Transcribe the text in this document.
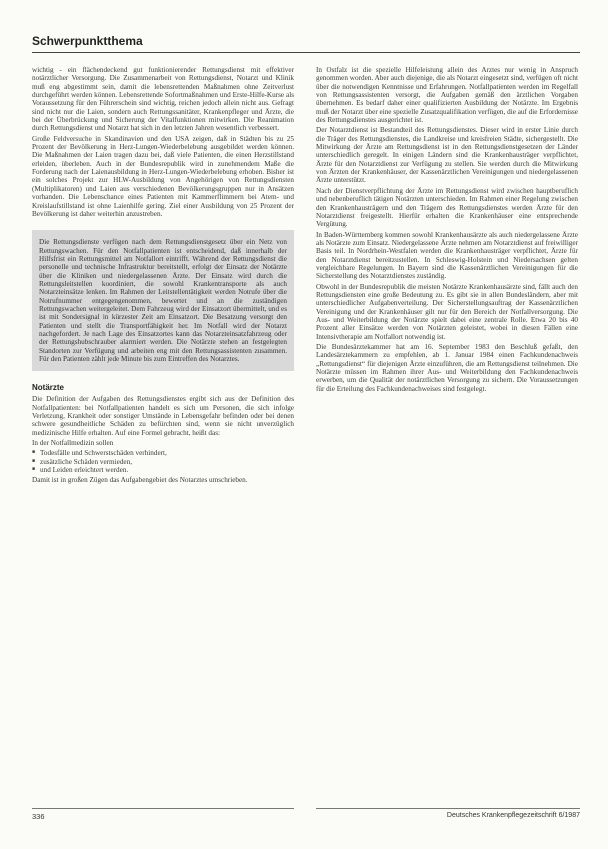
Schwerpunktthema

wichtig - ein flächendeckend gut funktionierender Rettungsdienst mit effektiver notärztlicher Versorgung. Die Zusammenarbeit von Rettungsdienst, Notarzt und Klinik muß eng abgestimmt sein, damit die lebensrettenden Maßnahmen ohne Zeitverlust durchgeführt werden können. Lebensrettende Sofortmaßnahmen und Erste-Hilfe-Kurse als Voraussetzung für den Führerschein sind wichtig, reichen jedoch allein nicht aus. Gefragt sind nicht nur die Laien, sondern auch Rettungssanitäter, Krankenpfleger und Ärzte, die bei der Überbrückung und Sicherung der Vitalfunktionen mitwirken. Die Reanimation durch Rettungsdienst und Notarzt hat sich in den letzten Jahren wesentlich verbessert.

Große Feldversuche in Skandinavien und den USA zeigen, daß in Städten bis zu 25 Prozent der Bevölkerung in Herz-Lungen-Wiederbelebung ausgebildet werden können. Die Maßnahmen der Laien tragen dazu bei, daß viele Patienten, die einen Herzstillstand erleiden, überleben. Auch in der Bundesrepublik wird in zunehmendem Maße die Forderung nach der Laienausbildung in Herz-Lungen-Wiederbelebung erhoben. Bisher ist ein solches Projekt zur HLW-Ausbildung von Angehörigen von Rettungsdiensten (Multiplikatoren) und Laien aus verschiedenen Bevölkerungsgruppen nur in Ansätzen vorhanden. Die Lebenschance eines Patienten mit Kammerflimmern bei Atem- und Kreislaufstillstand ist ohne Laienhilfe gering. Ziel einer Ausbildung von 25 Prozent der Bevölkerung ist daher weiterhin anzustreben.

Die Rettungsdienste verfügen nach dem Rettungsdienstgesetz über ein Netz von Rettungswachen. Für den Notfallpatienten ist entscheidend, daß innerhalb der Hilfsfrist ein Rettungsmittel am Notfallort eintrifft. Während der Rettungsdienst die personelle und technische Infrastruktur bereitstellt, erfolgt der Einsatz der Notärzte über die Kliniken und niedergelassenen Ärzte. Der Einsatz wird durch die Rettungsleitstellen koordiniert, die sowohl Krankentransporte als auch Notarzteinsätze lenken. Im Rahmen der Leitstellentätigkeit werden Notrufe über die Notrufnummer entgegengenommen, bewertet und an die zuständigen Rettungswachen weitergeleitet. Dem Fahrzeug wird der Einsatzort übermittelt, und es ist mit Sondersignal in kürzester Zeit am Einsatzort. Die Besatzung versorgt den Patienten und stellt die Transportfähigkeit her. Im Notfall wird der Notarzt nachgefordert. Je nach Lage des Einsatzortes kann das Notarzteinsatzfahrzeug oder der Rettungshubschrauber alarmiert werden. Die Notärzte stehen an festgelegten Standorten zur Verfügung und arbeiten eng mit den Rettungsassistenten zusammen. Für den Patienten zählt jede Minute bis zum Eintreffen des Notarztes.

Notärzte

Die Definition der Aufgaben des Rettungsdienstes ergibt sich aus der Definition des Notfallpatienten: bei Notfallpatienten handelt es sich um Personen, die sich infolge Verletzung, Krankheit oder sonstiger Umstände in Lebensgefahr befinden oder bei denen schwere gesundheitliche Schäden zu befürchten sind, wenn sie nicht unverzüglich medizinische Hilfe erhalten. Auf eine Formel gebracht, heißt das:

In der Notfallmedizin sollen

■ Todesfälle und Schwerstschäden verhindert,
■ zusätzliche Schäden vermieden,
■ und Leiden erleichtert werden.

Damit ist in großen Zügen das Aufgabengebiet des Notarztes umschrieben.

In Ostfalz ist die spezielle Hilfeleistung allein des Arztes nur wenig in Anspruch genommen worden. Aber auch diejenige, die als Notarzt eingesetzt sind, verfügen oft nicht über die notwendigen Kenntnisse und Erfahrungen. Notfallpatienten werden im Regelfall von Rettungsassistenten versorgt, die Aufgaben gemäß den ärztlichen Vorgaben übernehmen. Es bedarf daher einer qualifizierten Ausbildung der Notärzte. Im Ergebnis muß der Notarzt über eine spezielle Zusatzqualifikation verfügen, die auf die Erfordernisse des Rettungsdienstes ausgerichtet ist.

Der Notarztdienst ist Bestandteil des Rettungsdienstes. Dieser wird in erster Linie durch die Träger des Rettungsdienstes, die Landkreise und kreisfreien Städte, sichergestellt. Die Mitwirkung der Ärzte am Rettungsdienst ist in den Rettungsdienstgesetzen der Länder unterschiedlich geregelt. In einigen Ländern sind die Krankenhausträger verpflichtet, Ärzte für den Notarztdienst zur Verfügung zu stellen. Sie werden durch die Mitwirkung von Ärzten der Krankenhäuser, der Kassenärztlichen Vereinigungen und niedergelassenen Ärzte unterstützt.

Nach der Dienstverpflichtung der Ärzte im Rettungsdienst wird zwischen hauptberuflich und nebenberuflich tätigen Notärzten unterschieden. Im Rahmen einer Regelung zwischen den Krankenhausträgern und den Trägern des Rettungsdienstes werden Ärzte für den Notarztdienst freigestellt. Hierfür erhalten die Krankenhäuser eine entsprechende Vergütung.

In Baden-Württemberg kommen sowohl Krankenhausärzte als auch niedergelassene Ärzte als Notärzte zum Einsatz. Niedergelassene Ärzte nehmen am Notarztdienst auf freiwilliger Basis teil. In Nordrhein-Westfalen werden die Krankenhausträger verpflichtet, Ärzte für den Notarztdienst bereitzustellen. In Schleswig-Holstein und Niedersachsen gelten vergleichbare Regelungen. In Bayern sind die Kassenärztlichen Vereinigungen für die Sicherstellung des Notarztdienstes zuständig.

Obwohl in der Bundesrepublik die meisten Notärzte Krankenhausärzte sind, fällt auch den Rettungsdiensten eine große Bedeutung zu. Es gibt sie in allen Bundesländern, aber mit unterschiedlicher Aufgabenverteilung. Der Sicherstellungsauftrag der Kassenärztlichen Vereinigung und der Krankenhäuser gilt nur für den Bereich der Notfallversorgung. Die Aus- und Weiterbildung der Notärzte spielt dabei eine zentrale Rolle. Etwa 20 bis 40 Prozent aller Einsätze werden von Notärzten geleistet, wobei in diesen Fällen eine Intensivtherapie am Notfallort notwendig ist.

Die Bundesärztekammer hat am 16. September 1983 den Beschluß gefaßt, den Landesärztekammern zu empfehlen, ab 1. Januar 1984 einen Fachkundenachweis „Rettungsdienst“ für diejenigen Ärzte einzuführen, die am Rettungsdienst teilnehmen. Die Notärzte müssen im Rahmen ihrer Aus- und Weiterbildung den Fachkundenachweis erwerben, um die Qualität der notärztlichen Versorgung zu sichern. Die Voraussetzungen für die Erteilung des Fachkundenachweises sind festgelegt.

336	Deutsches Krankenpflegezeitschrift 6/1987
